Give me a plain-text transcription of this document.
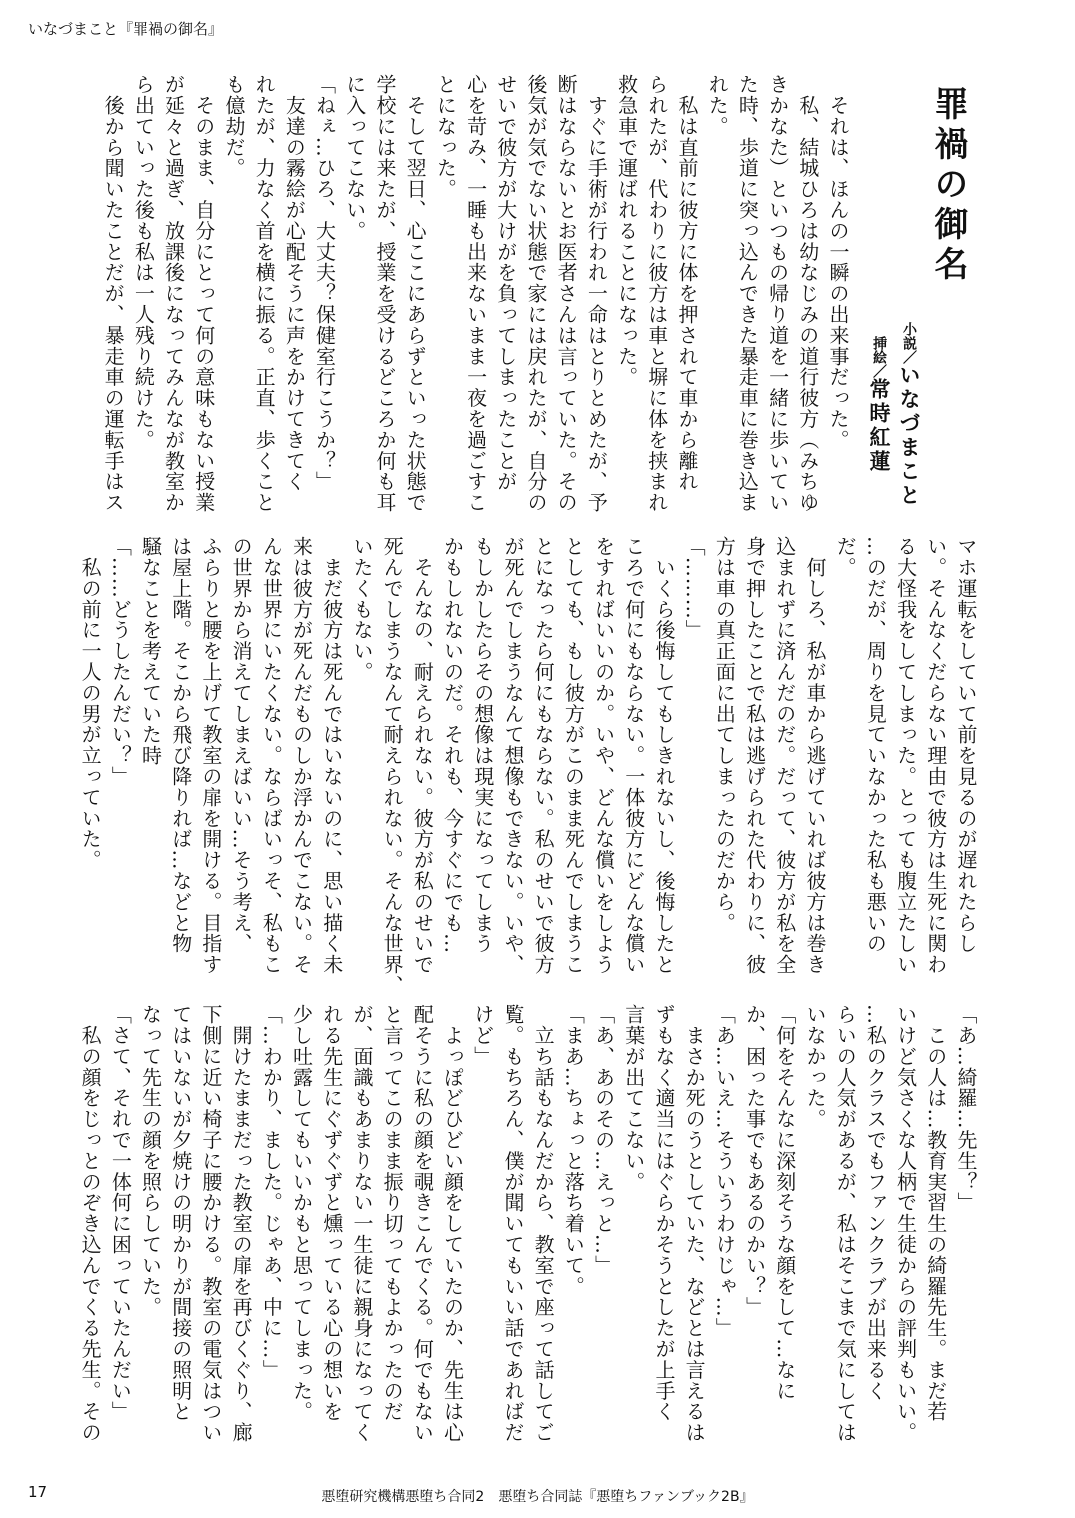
いなづまこと『罪禍の御名』
罪禍の御名
小説／いなづまこと
挿絵／常時紅蓮

　それは、ほんの一瞬の出来事だった。

　私、結城ひろは幼なじみの道行彼方（みちゆ

きかなた）といつもの帰り道を一緒に歩いてい

た時、歩道に突っ込んできた暴走車に巻き込ま

れた。

　私は直前に彼方に体を押されて車から離れ

られたが、代わりに彼方は車と塀に体を挟まれ

救急車で運ばれることになった。

　すぐに手術が行われ一命はとりとめたが、予

断はならないとお医者さんは言っていた。その

後気が気でない状態で家には戻れたが、自分の

せいで彼方が大けがを負ってしまったことが

心を苛み、一睡も出来ないまま一夜を過ごすこ

とになった。

　そして翌日、心ここにあらずといった状態で

学校には来たが、授業を受けるどころか何も耳

に入ってこない。

「ねぇ…ひろ、大丈夫？保健室行こうか？」

　友達の霧絵が心配そうに声をかけてきてく

れたが、力なく首を横に振る。正直、歩くこと

も億劫だ。

　そのまま、自分にとって何の意味もない授業

が延々と過ぎ、放課後になってみんなが教室か

ら出ていった後も私は一人残り続けた。

　後から聞いたことだが、暴走車の運転手はス

マホ運転をしていて前を見るのが遅れたらし

い。そんなくだらない理由で彼方は生死に関わ

る大怪我をしてしまった。とっても腹立たしい

…のだが、周りを見ていなかった私も悪いの

だ。

　何しろ、私が車から逃げていれば彼方は巻き

込まれずに済んだのだ。だって、彼方が私を全

身で押したことで私は逃げられた代わりに、彼

方は車の真正面に出てしまったのだから。

「………」

　いくら後悔してもしきれないし、後悔したと

ころで何にもならない。一体彼方にどんな償い

をすればいいのか。いや、どんな償いをしよう

としても、もし彼方がこのまま死んでしまうこ

とになったら何にもならない。私のせいで彼方

が死んでしまうなんて想像もできない。いや、

もしかしたらその想像は現実になってしまう

かもしれないのだ。それも、今すぐにでも…

　そんなの、耐えられない。彼方が私のせいで

死んでしまうなんて耐えられない。そんな世界、

いたくもない。

　まだ彼方は死んではいないのに、思い描く未

来は彼方が死んだものしか浮かんでこない。そ

んな世界にいたくない。ならばいっそ、私もこ

の世界から消えてしまえばいい…そう考え、

ふらりと腰を上げて教室の扉を開ける。目指す

は屋上階。そこから飛び降りれば…などと物

騒なことを考えていた時

「……どうしたんだい？」

　私の前に一人の男が立っていた。

「あ…綺羅…先生？」

　この人は…教育実習生の綺羅先生。まだ若

いけど気さくな人柄で生徒からの評判もいい。

…私のクラスでもファンクラブが出来るく

らいの人気があるが、私はそこまで気にしては

いなかった。

「何をそんなに深刻そうな顔をして…なに

か、困った事でもあるのかい？」

「あ…いえ…そういうわけじゃ…」

　まさか死のうとしていた、などとは言えるは

ずもなく適当にはぐらかそうとしたが上手く

言葉が出てこない。

「あ、あのその…えっと…」

「まあ…ちょっと落ち着いて。

　立ち話もなんだから、教室で座って話してご

覧。もちろん、僕が聞いてもいい話であればだ

けど」

　よっぽどひどい顔をしていたのか、先生は心

配そうに私の顔を覗きこんでくる。何でもない

と言ってこのまま振り切ってもよかったのだ

が、面識もあまりない一生徒に親身になってく

れる先生にぐずぐずと燻っている心の想いを

少し吐露してもいいかもと思ってしまった。

「…わかり、ました。じゃあ、中に…」

　開けたままだった教室の扉を再びくぐり、廊

下側に近い椅子に腰かける。教室の電気はつい

てはいないが夕焼けの明かりが間接の照明と

なって先生の顔を照らしていた。

「さて、それで一体何に困っていたんだい」

　私の顔をじっとのぞき込んでくる先生。その

17	悪堕研究機構悪堕ち合同2　悪堕ち合同誌『悪堕ちファンブック2B』
